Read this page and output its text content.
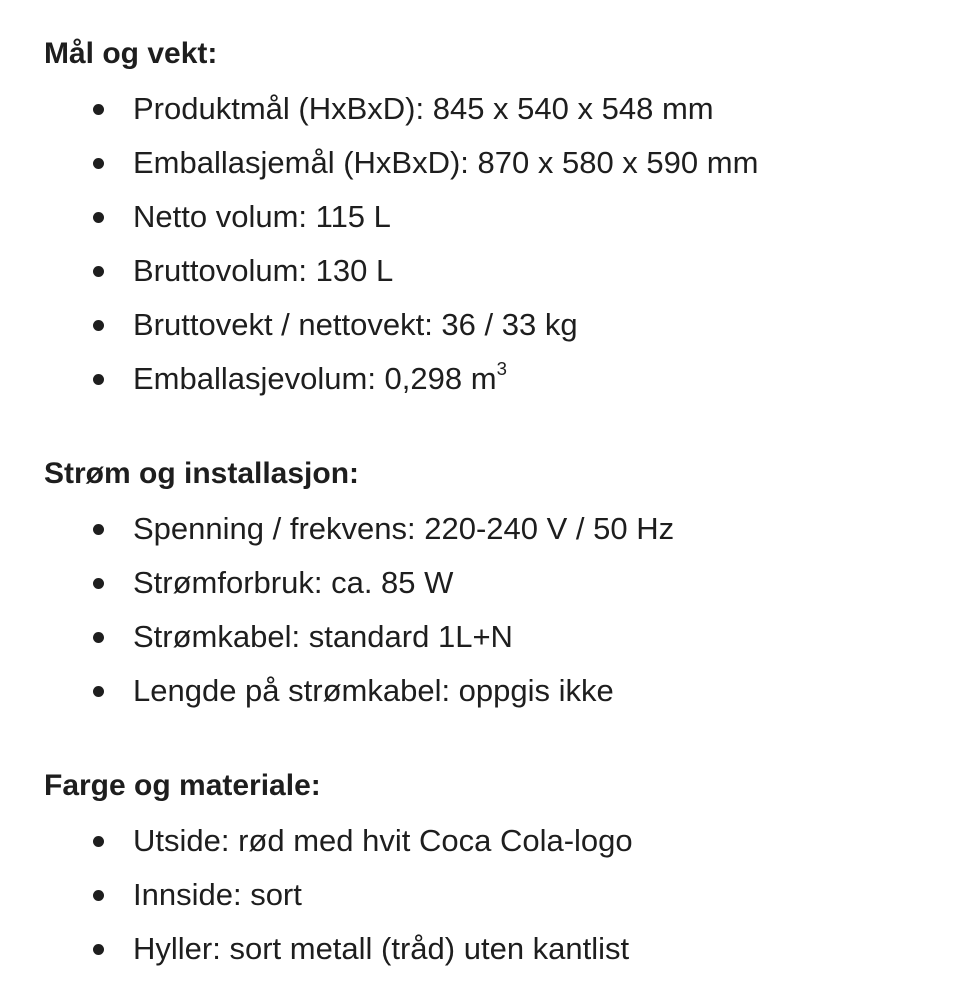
Mål og vekt:
Produktmål (HxBxD): 845 x 540 x 548 mm
Emballasjemål (HxBxD): 870 x 580 x 590 mm
Netto volum: 115 L
Bruttovolum: 130 L
Bruttovekt / nettovekt: 36 / 33 kg
Emballasjevolum: 0,298 $m^3$
Strøm og installasjon:
Spenning / frekvens: 220-240 V / 50 Hz
Strømforbruk: ca. 85 W
Strømkabel: standard 1L+N
Lengde på strømkabel: oppgis ikke
Farge og materiale:
Utside: rød med hvit Coca Cola-logo
Innside: sort
Hyller: sort metall (tråd) uten kantlist
